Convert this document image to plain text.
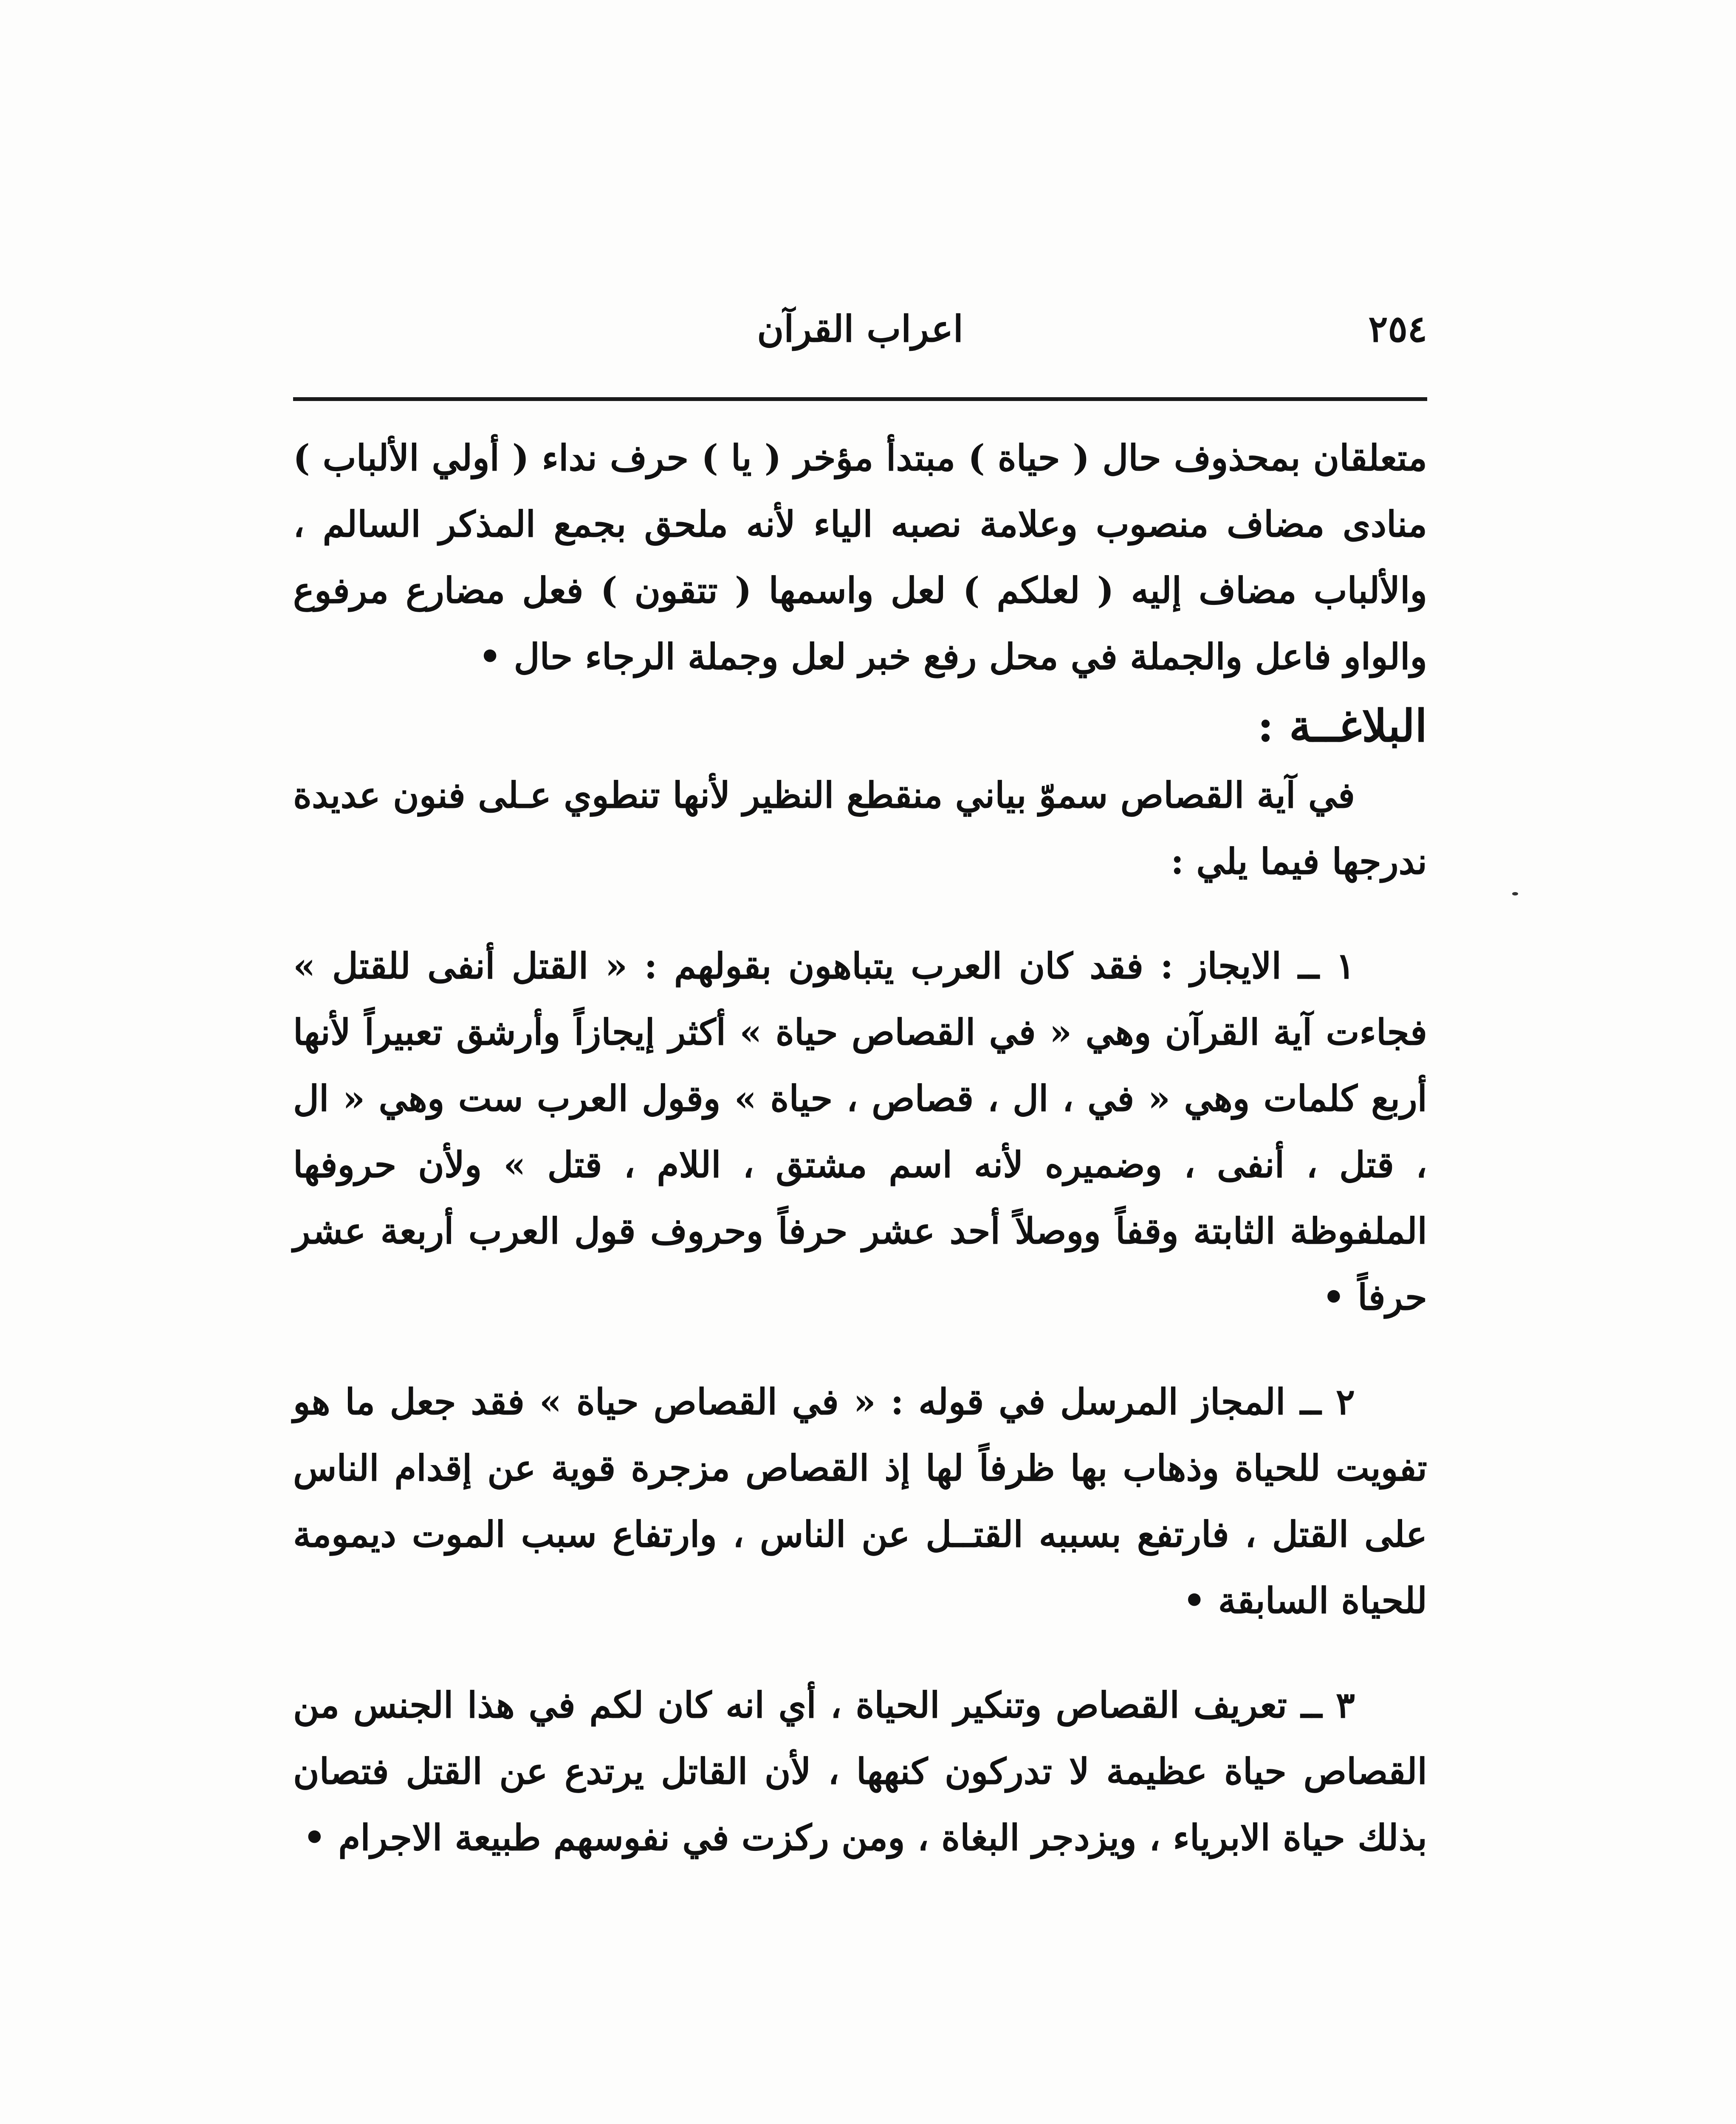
٢٥٤
اعراب القرآن

متعلقان بمحذوف حال ( حياة ) مبتدأ مؤخر ( يا ) حرف نداء ( أولي الألباب ) منادى مضاف منصوب وعلامة نصبه الياء لأنه ملحق بجمع المذكر السالم ، والألباب مضاف إليه ( لعلكم ) لعل واسمها ( تتقون ) فعل مضارع مرفوع والواو فاعل والجملة في محل رفع خبر لعل وجملة الرجاء حال •

البلاغــة :

في آية القصاص سموّ بياني منقطع النظير لأنها تنطوي عـلى فنون عديدة ندرجها فيما يلي :

١ ــ الايجاز : فقد كان العرب يتباهون بقولهم : « القتل أنفى للقتل » فجاءت آية القرآن وهي « في القصاص حياة » أكثر إيجازاً وأرشق تعبيراً لأنها أربع كلمات وهي « في ، ال ، قصاص ، حياة » وقول العرب ست وهي « ال ، قتل ، أنفى ، وضميره لأنه اسم مشتق ، اللام ، قتل » ولأن حروفها الملفوظة الثابتة وقفاً ووصلاً أحد عشر حرفاً وحروف قول العرب أربعة عشر حرفاً •

٢ ــ المجاز المرسل في قوله : « في القصاص حياة » فقد جعل ما هو تفويت للحياة وذهاب بها ظرفاً لها إذ القصاص مزجرة قوية عن إقدام الناس على القتل ، فارتفع بسببه القتــل عن الناس ، وارتفاع سبب الموت ديمومة للحياة السابقة •

٣ ــ تعريف القصاص وتنكير الحياة ، أي انه كان لكم في هذا الجنس من القصاص حياة عظيمة لا تدركون كنهها ، لأن القاتل يرتدع عن القتل فتصان بذلك حياة الابرياء ، ويزدجر البغاة ، ومن ركزت في نفوسهم طبيعة الاجرام •
